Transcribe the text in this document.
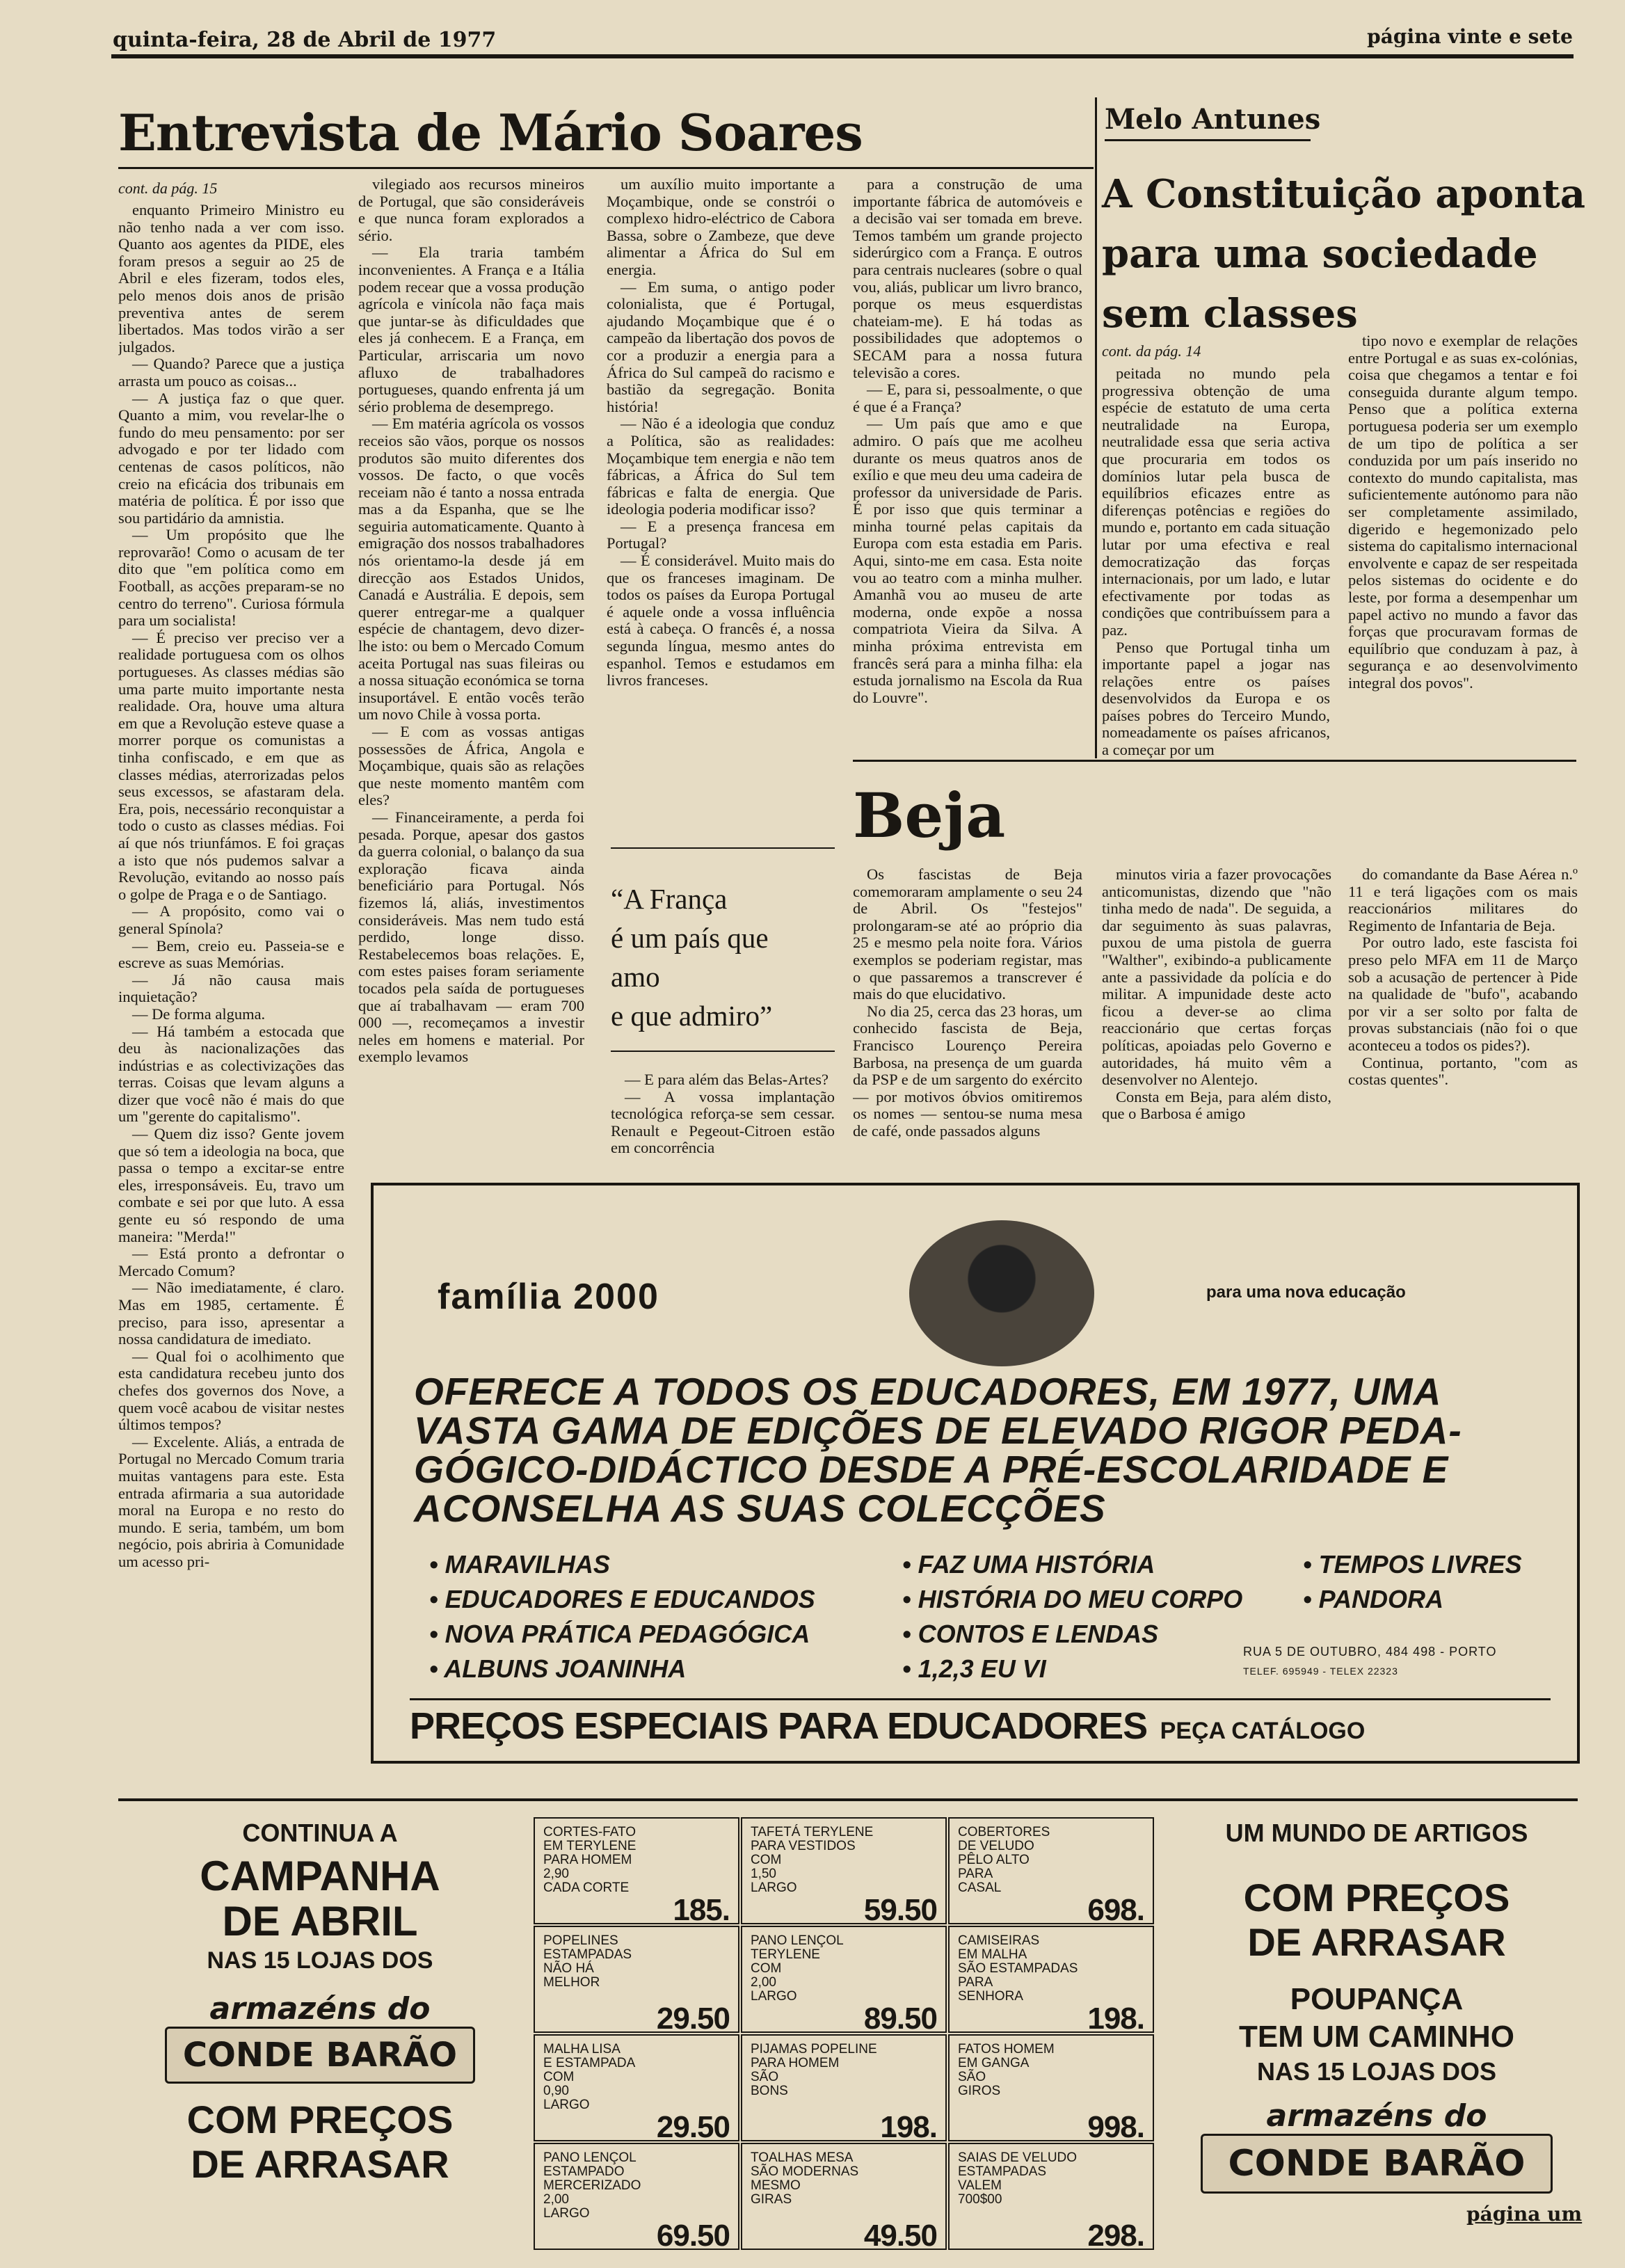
quinta-feira, 28 de Abril de 1977	página vinte e sete
Entrevista de Mário Soares
cont. da pág. 15

enquanto Primeiro Ministro eu não tenho nada a ver com isso. Quanto aos agentes da PIDE, eles foram presos a seguir ao 25 de Abril e eles fizeram, todos eles, pelo menos dois anos de prisão preventiva antes de serem libertados. Mas todos virão a ser julgados.

— Quando? Parece que a justiça arrasta um pouco as coisas...

— A justiça faz o que quer. Quanto a mim, vou revelar-lhe o fundo do meu pensamento: por ser advogado e por ter lidado com centenas de casos políticos, não creio na eficácia dos tribunais em matéria de política. É por isso que sou partidário da amnistia.

— Um propósito que lhe reprovarão! Como o acusam de ter dito que "em política como em Football, as acções preparam-se no centro do terreno". Curiosa fórmula para um socialista!

— É preciso ver preciso ver a realidade portuguesa com os olhos portugueses. As classes médias são uma parte muito importante nesta realidade. Ora, houve uma altura em que a Revolução esteve quase a morrer porque os comunistas a tinha confiscado, e em que as classes médias, aterrorizadas pelos seus excessos, se afastaram dela. Era, pois, necessário reconquistar a todo o custo as classes médias. Foi aí que nós triunfámos. E foi graças a isto que nós pudemos salvar a Revolução, evitando ao nosso país o golpe de Praga e o de Santiago.

— A propósito, como vai o general Spínola?

— Bem, creio eu. Passeia-se e escreve as suas Memórias.

— Já não causa mais inquietação?

— De forma alguma.

— Há também a estocada que deu às nacionalizações das indústrias e as colectivizações das terras. Coisas que levam alguns a dizer que você não é mais do que um "gerente do capitalismo".

— Quem diz isso? Gente jovem que só tem a ideologia na boca, que passa o tempo a excitar-se entre eles, irresponsáveis. Eu, travo um combate e sei por que luto. A essa gente eu só respondo de uma maneira: "Merda!"

— Está pronto a defrontar o Mercado Comum?

— Não imediatamente, é claro. Mas em 1985, certamente. É preciso, para isso, apresentar a nossa candidatura de imediato.

— Qual foi o acolhimento que esta candidatura recebeu junto dos chefes dos governos dos Nove, a quem você acabou de visitar nestes últimos tempos?

— Excelente. Aliás, a entrada de Portugal no Mercado Comum traria muitas vantagens para este. Esta entrada afirmaria a sua autoridade moral na Europa e no resto do mundo. E seria, também, um bom negócio, pois abriria à Comunidade um acesso pri-

vilegiado aos recursos mineiros de Portugal, que são consideráveis e que nunca foram explorados a sério.

— Ela traria também inconvenientes. A França e a Itália podem recear que a vossa produção agrícola e vinícola não faça mais que juntar-se às dificuldades que eles já conhecem. E a França, em Particular, arriscaria um novo afluxo de trabalhadores portugueses, quando enfrenta já um sério problema de desemprego.

— Em matéria agrícola os vossos receios são vãos, porque os nossos produtos são muito diferentes dos vossos. De facto, o que vocês receiam não é tanto a nossa entrada mas a da Espanha, que se lhe seguiria automaticamente. Quanto à emigração dos nossos trabalhadores nós orientamo-la desde já em direcção aos Estados Unidos, Canadá e Austrália. E depois, sem querer entregar-me a qualquer espécie de chantagem, devo dizer-lhe isto: ou bem o Mercado Comum aceita Portugal nas suas fileiras ou a nossa situação económica se torna insuportável. E então vocês terão um novo Chile à vossa porta.

— E com as vossas antigas possessões de África, Angola e Moçambique, quais são as relações que neste momento mantêm com eles?

— Financeiramente, a perda foi pesada. Porque, apesar dos gastos da guerra colonial, o balanço da sua exploração ficava ainda beneficiário para Portugal. Nós fizemos lá, aliás, investimentos consideráveis. Mas nem tudo está perdido, longe disso. Restabelecemos boas relações. E, com estes paises foram seriamente tocados pela saída de portugueses que aí trabalhavam — eram 700 000 —, recomeçamos a investir neles em homens e material. Por exemplo levamos

um auxílio muito importante a Moçambique, onde se constrói o complexo hidro-eléctrico de Cabora Bassa, sobre o Zambeze, que deve alimentar a África do Sul em energia.

— Em suma, o antigo poder colonialista, que é Portugal, ajudando Moçambique que é o campeão da libertação dos povos de cor a produzir a energia para a África do Sul campeã do racismo e bastião da segregação. Bonita história!

— Não é a ideologia que conduz a Política, são as realidades: Moçambique tem energia e não tem fábricas, a África do Sul tem fábricas e falta de energia. Que ideologia poderia modificar isso?

— E a presença francesa em Portugal?

— É considerável. Muito mais do que os franceses imaginam. De todos os países da Europa Portugal é aquele onde a vossa influência está à cabeça. O francês é, a nossa segunda língua, mesmo antes do espanhol. Temos e estudamos em livros franceses.

“A França
é um país que
amo
e que admiro”

— E para além das Belas-Artes?

— A vossa implantação tecnológica reforça-se sem cessar. Renault e Pegeout-Citroen estão em concorrência

para a construção de uma importante fábrica de automóveis e a decisão vai ser tomada em breve. Temos também um grande projecto siderúrgico com a França. E outros para centrais nucleares (sobre o qual vou, aliás, publicar um livro branco, porque os meus esquerdistas chateiam-me). E há todas as possibilidades que adoptemos o SECAM para a nossa futura televisão a cores.

— E, para si, pessoalmente, o que é que é a França?

— Um país que amo e que admiro. O país que me acolheu durante os meus quatros anos de exílio e que meu deu uma cadeira de professor da universidade de Paris. É por isso que quis terminar a minha tourné pelas capitais da Europa com esta estadia em Paris. Aqui, sinto-me em casa. Esta noite vou ao teatro com a minha mulher. Amanhã vou ao museu de arte moderna, onde expõe a nossa compatriota Vieira da Silva. A minha próxima entrevista em francês será para a minha filha: ela estuda jornalismo na Escola da Rua do Louvre".

Melo Antunes
A Constituição aponta
para uma sociedade
sem classes
cont. da pág. 14

peitada no mundo pela progressiva obtenção de uma espécie de estatuto de uma certa neutralidade na Europa, neutralidade essa que seria activa que procuraria em todos os domínios lutar pela busca de equilíbrios eficazes entre as diferenças potências e regiões do mundo e, portanto em cada situação lutar por uma efectiva e real democratização das forças internacionais, por um lado, e lutar efectivamente por todas as condições que contribuíssem para a paz.

Penso que Portugal tinha um importante papel a jogar nas relações entre os países desenvolvidos da Europa e os países pobres do Terceiro Mundo, nomeadamente os países africanos, a começar por um

tipo novo e exemplar de relações entre Portugal e as suas ex-colónias, coisa que chegamos a tentar e foi conseguida durante algum tempo. Penso que a política externa portuguesa poderia ser um exemplo de um tipo de política a ser conduzida por um país inserido no contexto do mundo capitalista, mas suficientemente autónomo para não ser completamente assimilado, digerido e hegemonizado pelo sistema do capitalismo internacional envolvente e capaz de ser respeitada pelos sistemas do ocidente e do leste, por forma a desempenhar um papel activo no mundo a favor das forças que procuravam formas de equilíbrio que conduzam à paz, à segurança e ao desenvolvimento integral dos povos".

Beja

Os fascistas de Beja comemoraram amplamente o seu 24 de Abril. Os "festejos" prolongaram-se até ao próprio dia 25 e mesmo pela noite fora. Vários exemplos se poderiam registar, mas o que passaremos a transcrever é mais do que elucidativo.

No dia 25, cerca das 23 horas, um conhecido fascista de Beja, Francisco Lourenço Pereira Barbosa, na presença de um guarda da PSP e de um sargento do exército — por motivos óbvios omitiremos os nomes — sentou-se numa mesa de café, onde passados alguns

minutos viria a fazer provocações anticomunistas, dizendo que "não tinha medo de nada". De seguida, a dar seguimento às suas palavras, puxou de uma pistola de guerra "Walther", exibindo-a publicamente ante a passividade da polícia e do militar. A impunidade deste acto ficou a dever-se ao clima reaccionário que certas forças políticas, apoiadas pelo Governo e autoridades, há muito vêm a desenvolver no Alentejo.

Consta em Beja, para além disto, que o Barbosa é amigo

do comandante da Base Aérea n.º 11 e terá ligações com os mais reaccionários militares do Regimento de Infantaria de Beja.

Por outro lado, este fascista foi preso pelo MFA em 11 de Março sob a acusação de pertencer à Pide na qualidade de "bufo", acabando por vir a ser solto por falta de provas substanciais (não foi o que aconteceu a todos os pides?).

Continua, portanto, "com as costas quentes".

família 2000	para uma nova educação
OFERECE A TODOS OS EDUCADORES, EM 1977, UMA
VASTA GAMA DE EDIÇÕES DE ELEVADO RIGOR PEDA-
GÓGICO-DIDÁCTICO DESDE A PRÉ-ESCOLARIDADE E
ACONSELHA AS SUAS COLECÇÕES
• MARAVILHAS
• EDUCADORES E EDUCANDOS
• NOVA PRÁTICA PEDAGÓGICA
• ALBUNS JOANINHA
• FAZ UMA HISTÓRIA
• HISTÓRIA DO MEU CORPO
• CONTOS E LENDAS
• 1,2,3 EU VI
• TEMPOS LIVRES
• PANDORA
RUA 5 DE OUTUBRO, 484 498 - PORTO
TELEF. 695949 - TELEX 22323
PREÇOS ESPECIAIS PARA EDUCADORES PEÇA CATÁLOGO
CONTINUA A
CAMPANHA
DE ABRIL
NAS 15 LOJAS DOS
armazéns do
CONDE BARÃO
COM PREÇOS
DE ARRASAR
CORTES-FATO
EM TERYLENE
PARA HOMEM
2,90
CADA CORTE
185.
TAFETÁ TERYLENE
PARA VESTIDOS
COM
1,50
LARGO
59.50
COBERTORES
DE VELUDO
PÊLO ALTO
PARA
CASAL
698.
POPELINES
ESTAMPADAS
NÃO HÁ
MELHOR
29.50
PANO LENÇOL
TERYLENE
COM
2,00
LARGO
89.50
CAMISEIRAS
EM MALHA
SÃO ESTAMPADAS
PARA
SENHORA
198.
MALHA LISA
E ESTAMPADA
COM
0,90
LARGO
29.50
PIJAMAS POPELINE
PARA HOMEM
SÃO
BONS
198.
FATOS HOMEM
EM GANGA
SÃO
GIROS
998.
PANO LENÇOL
ESTAMPADO
MERCERIZADO
2,00
LARGO
69.50
TOALHAS MESA
SÃO MODERNAS
MESMO
GIRAS
49.50
SAIAS DE VELUDO
ESTAMPADAS
VALEM
700$00
298.
UM MUNDO DE ARTIGOS
COM PREÇOS
DE ARRASAR
POUPANÇA
TEM UM CAMINHO
NAS 15 LOJAS DOS
armazéns do
CONDE BARÃO
página um
